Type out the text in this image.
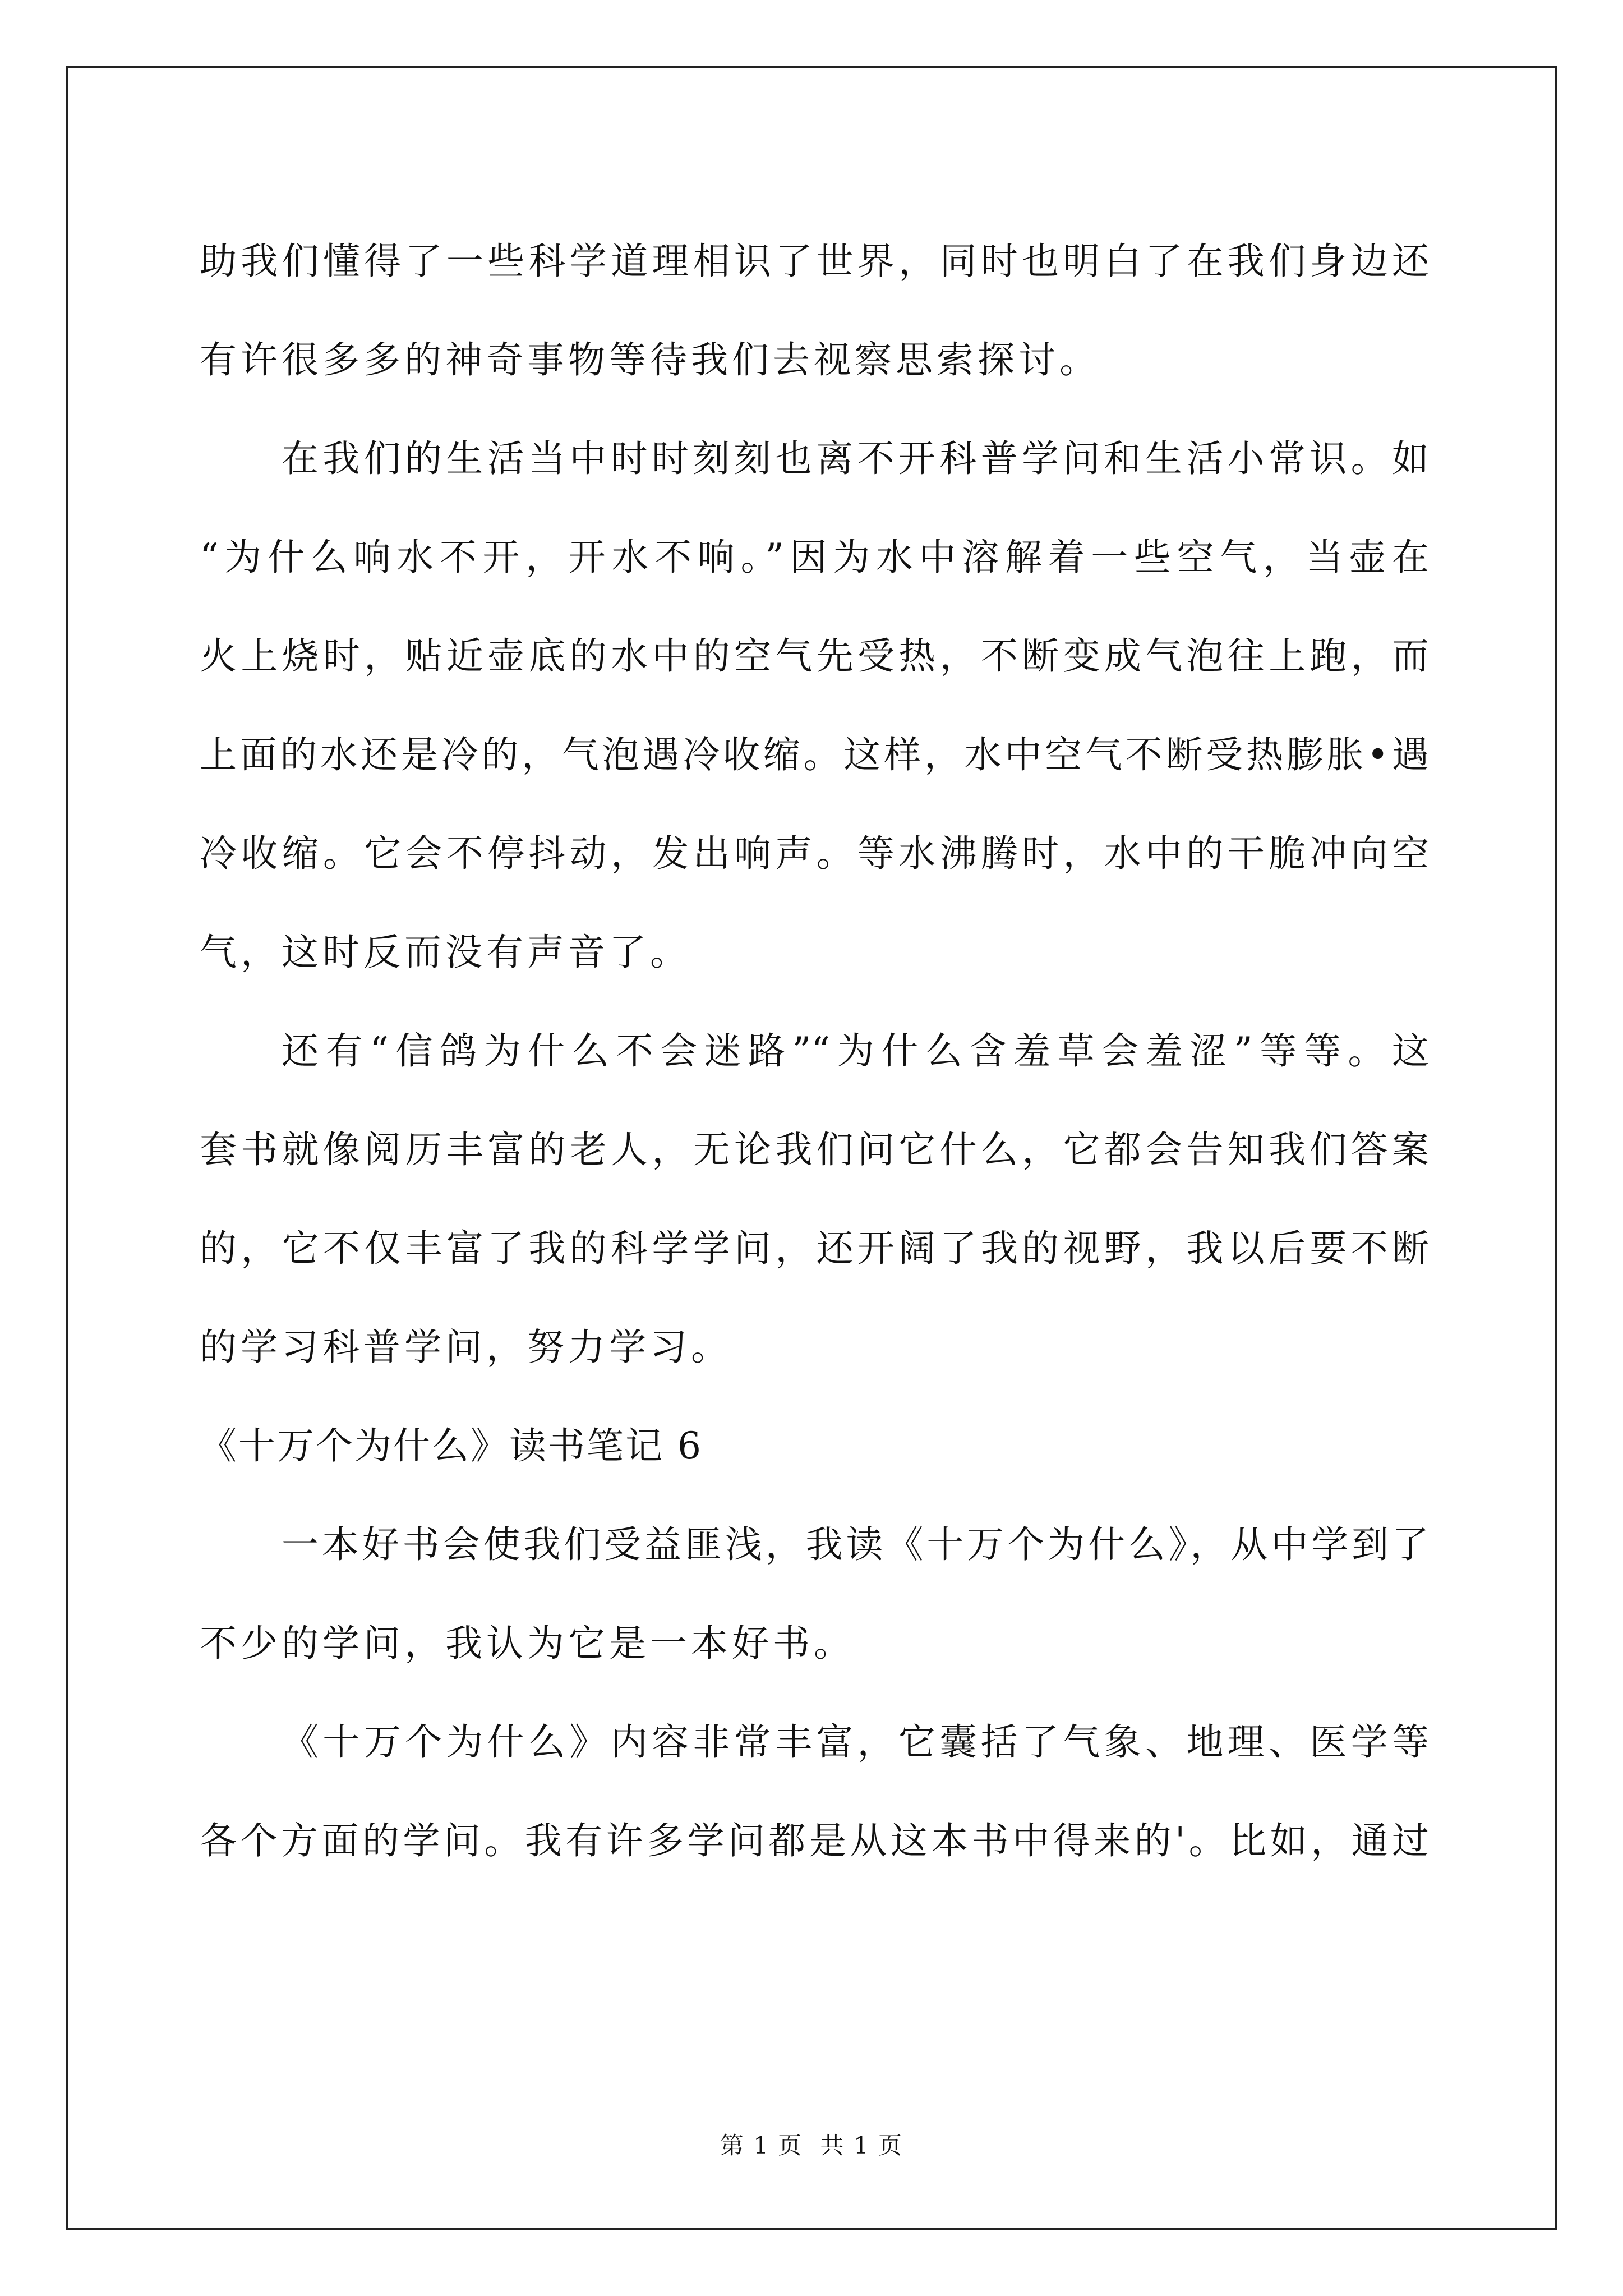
助我们懂得了一些科学道理相识了世界，同时也明白了在我们身边还
有许很多多的神奇事物等待我们去视察思索探讨。
在我们的生活当中时时刻刻也离不开科普学问和生活小常识。如
“为什么响水不开，开水不响。”因为水中溶解着一些空气，当壶在
火上烧时，贴近壶底的水中的空气先受热，不断变成气泡往上跑，而
上面的水还是冷的，气泡遇冷收缩。这样，水中空气不断受热膨胀•遇
冷收缩。它会不停抖动，发出响声。等水沸腾时，水中的干脆冲向空
气，这时反而没有声音了。
还有“信鸽为什么不会迷路”“为什么含羞草会羞涩”等等。这
套书就像阅历丰富的老人，无论我们问它什么，它都会告知我们答案
的，它不仅丰富了我的科学学问，还开阔了我的视野，我以后要不断
的学习科普学问，努力学习。
《十万个为什么》读书笔记 6
一本好书会使我们受益匪浅，我读《十万个为什么》，从中学到了
不少的学问，我认为它是一本好书。
《十万个为什么》内容非常丰富，它囊括了气象、地理、医学等
各个方面的学问。我有许多学问都是从这本书中得来的'。比如，通过
第 1 页 共 1 页
